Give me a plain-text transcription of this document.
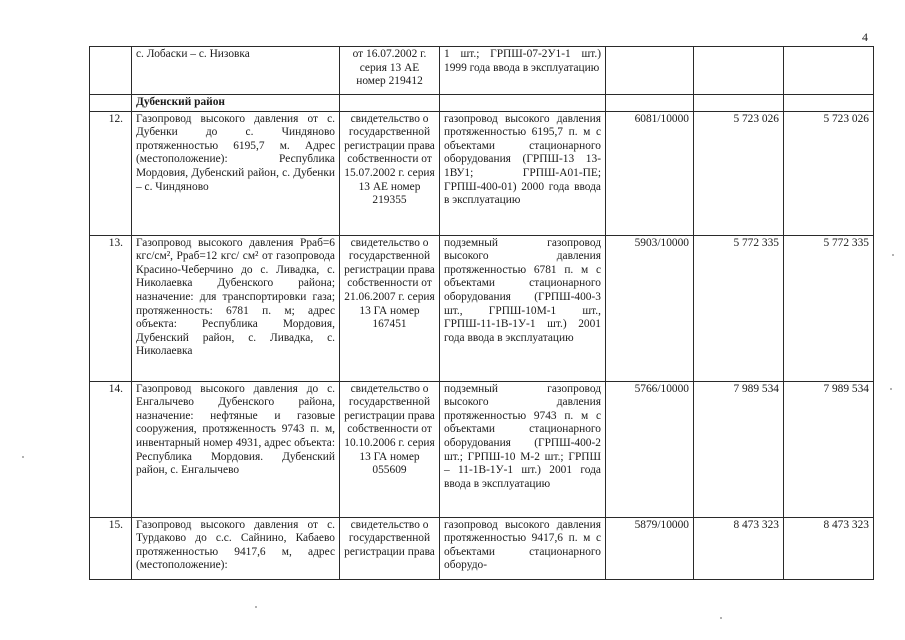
4
	с. Лобаски – с. Низовка	от 16.07.2002 г. серия 13 АЕ номер 219412	1 шт.; ГРПШ-07-2У1-1 шт.) 1999 года ввода в эксплуатацию			
	Дубенский район					
12.	Газопровод высокого давления от с. Дубенки до с. Чиндяново протяженностью 6195,7 м. Адрес (местоположение): Республика Мордовия, Дубенский район, с. Дубенки – с. Чиндяново	свидетельство о государственной регистрации права собственности от 15.07.2002 г. серия 13 АЕ номер 219355	газопровод высокого давления протяженностью 6195,7 п. м с объектами стационарного оборудования (ГРПШ-13 13-1ВУ1; ГРПШ-А01-ПЕ; ГРПШ-400-01) 2000 года ввода в эксплуатацию	6081/10000	5 723 026	5 723 026
13.	Газопровод высокого давления Рраб=6 кгс/см², Рраб=12 кгс/ см² от газопровода Красино-Чеберчино до с. Ливадка, с. Николаевка Дубенского района; назначение: для транспортировки газа; протяженность: 6781 п. м; адрес объекта: Республика Мордовия, Дубенский район, с. Ливадка, с. Николаевка	свидетельство о государственной регистрации права собственности от 21.06.2007 г. серия 13 ГА номер 167451	подземный газопровод высокого давления протяженностью 6781 п. м с объектами стационарного оборудования (ГРПШ-400-3 шт., ГРПШ-10М-1 шт., ГРПШ-11-1В-1У-1 шт.) 2001 года ввода в эксплуатацию	5903/10000	5 772 335	5 772 335
14.	Газопровод высокого давления до с. Енгалычево Дубенского района, назначение: нефтяные и газовые сооружения, протяженность 9743 п. м, инвентарный номер 4931, адрес объекта: Республика Мордовия. Дубенский район, с. Енгалычево	свидетельство о государственной регистрации права собственности от 10.10.2006 г. серия 13 ГА номер 055609	подземный газопровод высокого давления протяженностью 9743 п. м с объектами стационарного оборудования (ГРПШ-400-2 шт.; ГРПШ-10 М-2 шт.; ГРПШ – 11-1В-1У-1 шт.) 2001 года ввода в эксплуатацию	5766/10000	7 989 534	7 989 534
15.	Газопровод высокого давления от с. Турдаково до с.с. Сайнино, Кабаево протяженностью 9417,6 м, адрес (местоположение):	свидетельство о государственной регистрации права	газопровод высокого давления протяженностью 9417,6 п. м с объектами стационарного оборудо-	5879/10000	8 473 323	8 473 323
